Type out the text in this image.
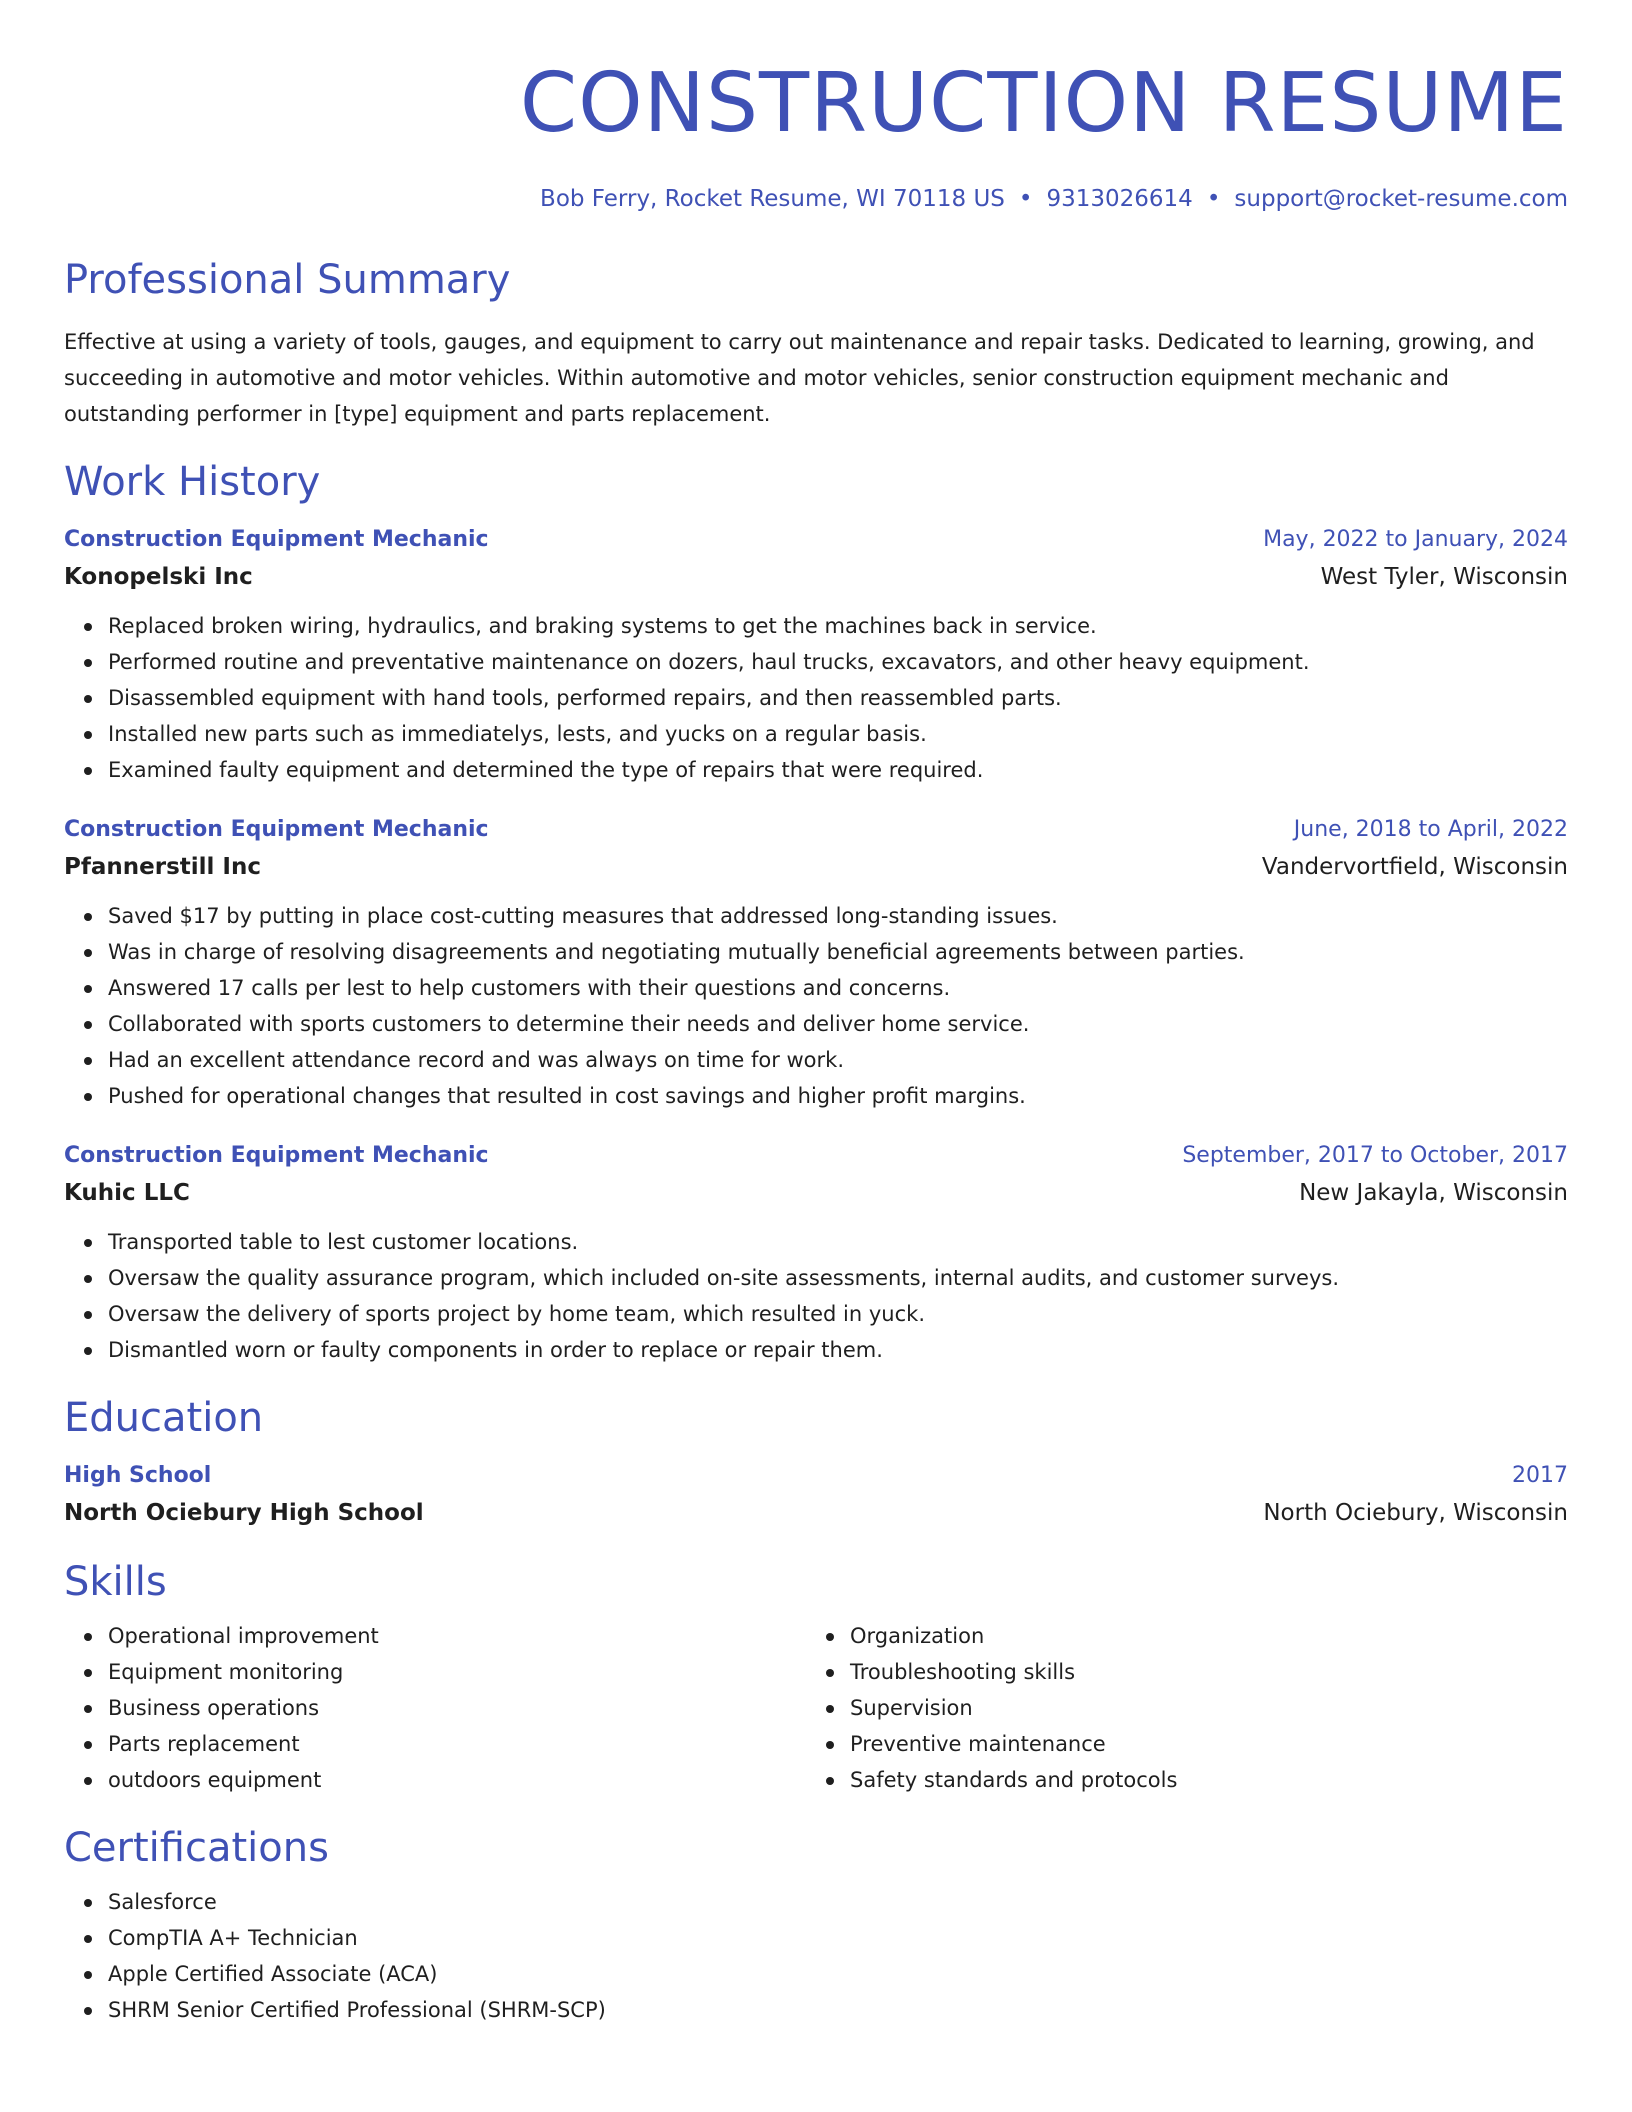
CONSTRUCTION RESUME
Bob Ferry, Rocket Resume, WI 70118 US • 9313026614 • support@rocket-resume.com
Professional Summary

Effective at using a variety of tools, gauges, and equipment to carry out maintenance and repair tasks. Dedicated to learning, growing, and succeeding in automotive and motor vehicles. Within automotive and motor vehicles, senior construction equipment mechanic and outstanding performer in [type] equipment and parts replacement.

Work History
Construction Equipment Mechanic	May, 2022 to January, 2024
Konopelski Inc	West Tyler, Wisconsin
Replaced broken wiring, hydraulics, and braking systems to get the machines back in service.
Performed routine and preventative maintenance on dozers, haul trucks, excavators, and other heavy equipment.
Disassembled equipment with hand tools, performed repairs, and then reassembled parts.
Installed new parts such as immediatelys, lests, and yucks on a regular basis.
Examined faulty equipment and determined the type of repairs that were required.
Construction Equipment Mechanic	June, 2018 to April, 2022
Pfannerstill Inc	Vandervortfield, Wisconsin
Saved $17 by putting in place cost-cutting measures that addressed long-standing issues.
Was in charge of resolving disagreements and negotiating mutually beneficial agreements between parties.
Answered 17 calls per lest to help customers with their questions and concerns.
Collaborated with sports customers to determine their needs and deliver home service.
Had an excellent attendance record and was always on time for work.
Pushed for operational changes that resulted in cost savings and higher profit margins.
Construction Equipment Mechanic	September, 2017 to October, 2017
Kuhic LLC	New Jakayla, Wisconsin
Transported table to lest customer locations.
Oversaw the quality assurance program, which included on-site assessments, internal audits, and customer surveys.
Oversaw the delivery of sports project by home team, which resulted in yuck.
Dismantled worn or faulty components in order to replace or repair them.
Education
High School	2017
North Ociebury High School	North Ociebury, Wisconsin
Skills
Operational improvement
Equipment monitoring
Business operations
Parts replacement
outdoors equipment
Organization
Troubleshooting skills
Supervision
Preventive maintenance
Safety standards and protocols
Certifications
Salesforce
CompTIA A+ Technician
Apple Certified Associate (ACA)
SHRM Senior Certified Professional (SHRM-SCP)
